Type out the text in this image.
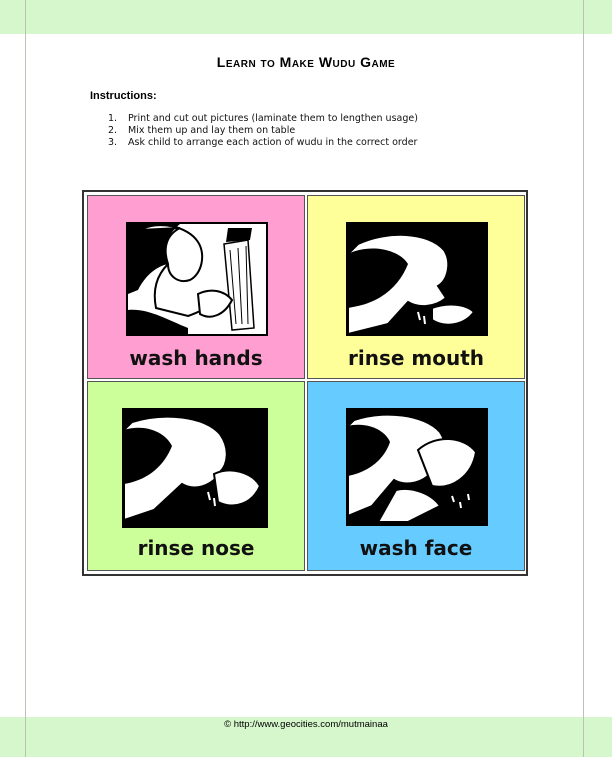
Learn to Make Wudu Game
Instructions:
1. Print and cut out pictures (laminate them to lengthen usage)
2. Mix them up and lay them on table
3. Ask child to arrange each action of wudu in the correct order
wash hands	rinse mouth
rinse nose	wash face
© http://www.geocities.com/mutmainaa
